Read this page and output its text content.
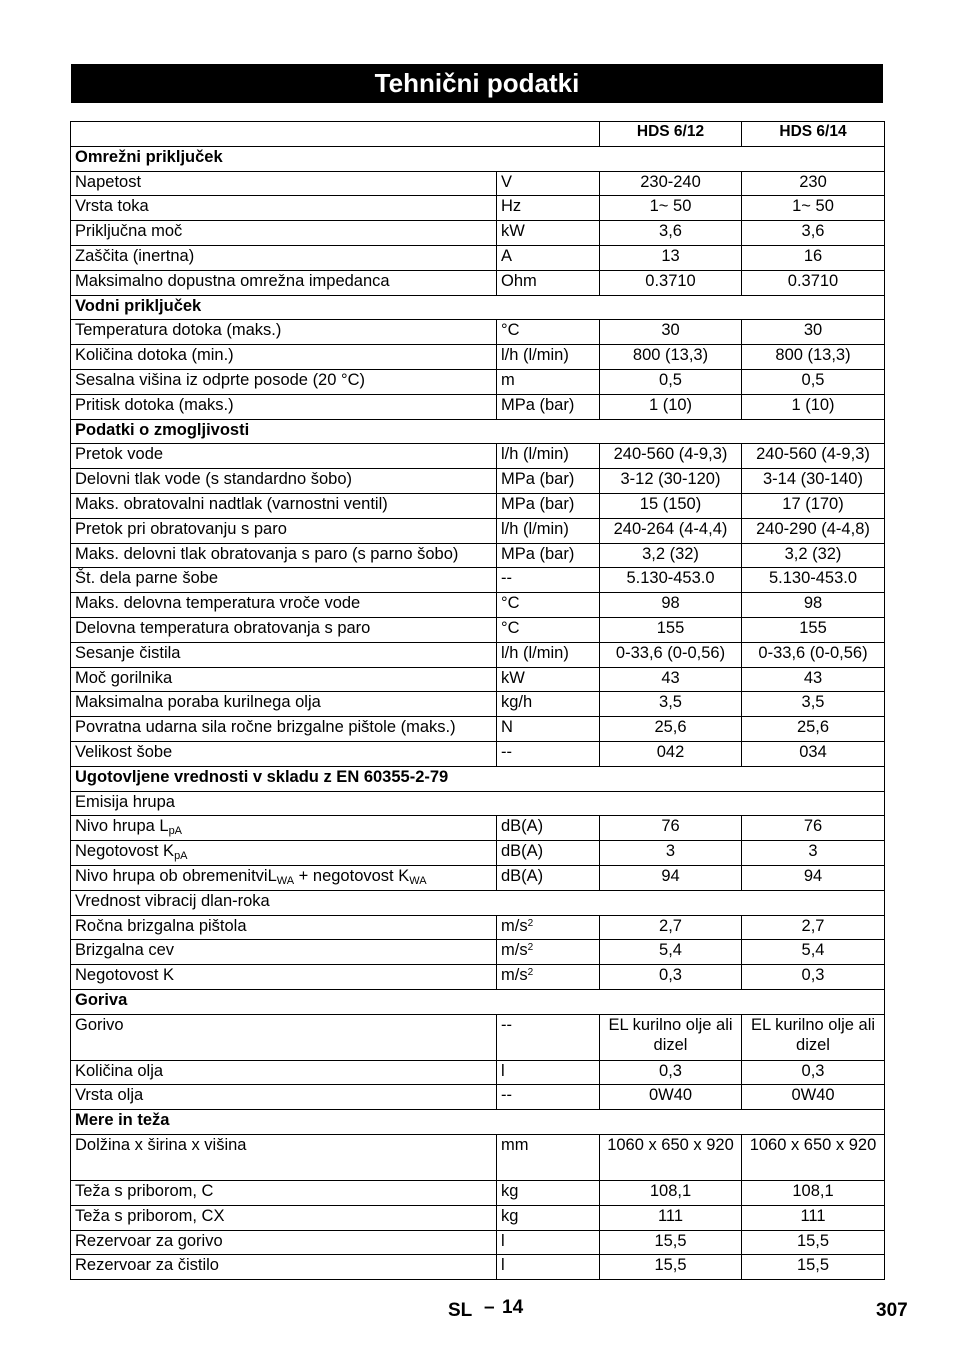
Tehnični podatki
		HDS 6/12	HDS 6/14
Omrežni priključek			
Napetost	V	230-240	230
Vrsta toka	Hz	1~ 50	1~ 50
Priključna moč	kW	3,6	3,6
Zaščita (inertna)	A	13	16
Maksimalno dopustna omrežna impedanca	Ohm	0.3710	0.3710
Vodni priključek			
Temperatura dotoka (maks.)	°C	30	30
Količina dotoka (min.)	l/h (l/min)	800 (13,3)	800 (13,3)
Sesalna višina iz odprte posode (20 °C)	m	0,5	0,5
Pritisk dotoka (maks.)	MPa (bar)	1 (10)	1 (10)
Podatki o zmogljivosti			
Pretok vode	l/h (l/min)	240-560 (4-9,3)	240-560 (4-9,3)
Delovni tlak vode (s standardno šobo)	MPa (bar)	3-12 (30-120)	3-14 (30-140)
Maks. obratovalni nadtlak (varnostni ventil)	MPa (bar)	15 (150)	17 (170)
Pretok pri obratovanju s paro	l/h (l/min)	240-264 (4-4,4)	240-290 (4-4,8)
Maks. delovni tlak obratovanja s paro (s parno šobo)	MPa (bar)	3,2 (32)	3,2 (32)
Št. dela parne šobe	--	5.130-453.0	5.130-453.0
Maks. delovna temperatura vroče vode	°C	98	98
Delovna temperatura obratovanja s paro	°C	155	155
Sesanje čistila	l/h (l/min)	0-33,6 (0-0,56)	0-33,6 (0-0,56)
Moč gorilnika	kW	43	43
Maksimalna poraba kurilnega olja	kg/h	3,5	3,5
Povratna udarna sila ročne brizgalne pištole (maks.)	N	25,6	25,6
Velikost šobe	--	042	034
Ugotovljene vrednosti v skladu z EN 60355-2-79			
Emisija hrupa			
Nivo hrupa $L_{pA}$	dB(A)	76	76
Negotovost $K_{pA}$	dB(A)	3	3
Nivo hrupa ob obremenitviL$_{WA}$ + negotovost $K_{WA}$	dB(A)	94	94
Vrednost vibracij dlan-roka			
Ročna brizgalna pištola	$m/s^2$	2,7	2,7
Brizgalna cev	$m/s^2$	5,4	5,4
Negotovost K	$m/s^2$	0,3	0,3
Goriva			
Gorivo	--	EL kurilno olje ali dizel	EL kurilno olje ali dizel
Količina olja	l	0,3	0,3
Vrsta olja	--	0W40	0W40
Mere in teža			
Dolžina x širina x višina	mm	1060 x 650 x 920	1060 x 650 x 920
Teža s priborom, C	kg	108,1	108,1
Teža s priborom, CX	kg	111	111
Rezervoar za gorivo	l	15,5	15,5
Rezervoar za čistilo	l	15,5	15,5
SL – 14	307
